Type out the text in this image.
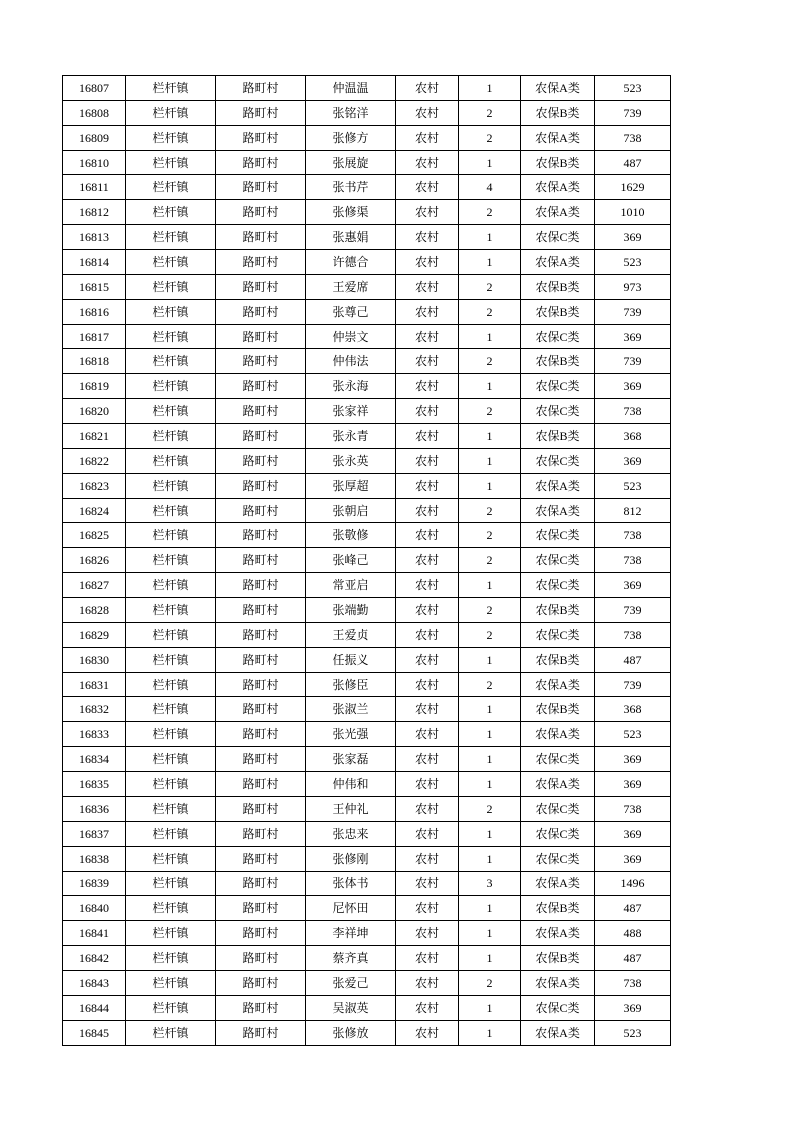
16807	栏杆镇	路町村	仲温温	农村	1	农保A类	523
16808	栏杆镇	路町村	张铭洋	农村	2	农保B类	739
16809	栏杆镇	路町村	张修方	农村	2	农保A类	738
16810	栏杆镇	路町村	张展旋	农村	1	农保B类	487
16811	栏杆镇	路町村	张书芹	农村	4	农保A类	1629
16812	栏杆镇	路町村	张修渠	农村	2	农保A类	1010
16813	栏杆镇	路町村	张惠娟	农村	1	农保C类	369
16814	栏杆镇	路町村	许德合	农村	1	农保A类	523
16815	栏杆镇	路町村	王爱席	农村	2	农保B类	973
16816	栏杆镇	路町村	张尊己	农村	2	农保B类	739
16817	栏杆镇	路町村	仲崇文	农村	1	农保C类	369
16818	栏杆镇	路町村	仲伟法	农村	2	农保B类	739
16819	栏杆镇	路町村	张永海	农村	1	农保C类	369
16820	栏杆镇	路町村	张家祥	农村	2	农保C类	738
16821	栏杆镇	路町村	张永青	农村	1	农保B类	368
16822	栏杆镇	路町村	张永英	农村	1	农保C类	369
16823	栏杆镇	路町村	张厚超	农村	1	农保A类	523
16824	栏杆镇	路町村	张朝启	农村	2	农保A类	812
16825	栏杆镇	路町村	张敬修	农村	2	农保C类	738
16826	栏杆镇	路町村	张峰己	农村	2	农保C类	738
16827	栏杆镇	路町村	常亚启	农村	1	农保C类	369
16828	栏杆镇	路町村	张端勤	农村	2	农保B类	739
16829	栏杆镇	路町村	王爱贞	农村	2	农保C类	738
16830	栏杆镇	路町村	任振义	农村	1	农保B类	487
16831	栏杆镇	路町村	张修臣	农村	2	农保A类	739
16832	栏杆镇	路町村	张淑兰	农村	1	农保B类	368
16833	栏杆镇	路町村	张光强	农村	1	农保A类	523
16834	栏杆镇	路町村	张家磊	农村	1	农保C类	369
16835	栏杆镇	路町村	仲伟和	农村	1	农保A类	369
16836	栏杆镇	路町村	王仲礼	农村	2	农保C类	738
16837	栏杆镇	路町村	张忠来	农村	1	农保C类	369
16838	栏杆镇	路町村	张修刚	农村	1	农保C类	369
16839	栏杆镇	路町村	张体书	农村	3	农保A类	1496
16840	栏杆镇	路町村	尼怀田	农村	1	农保B类	487
16841	栏杆镇	路町村	李祥坤	农村	1	农保A类	488
16842	栏杆镇	路町村	蔡齐真	农村	1	农保B类	487
16843	栏杆镇	路町村	张爱己	农村	2	农保A类	738
16844	栏杆镇	路町村	吴淑英	农村	1	农保C类	369
16845	栏杆镇	路町村	张修放	农村	1	农保A类	523
